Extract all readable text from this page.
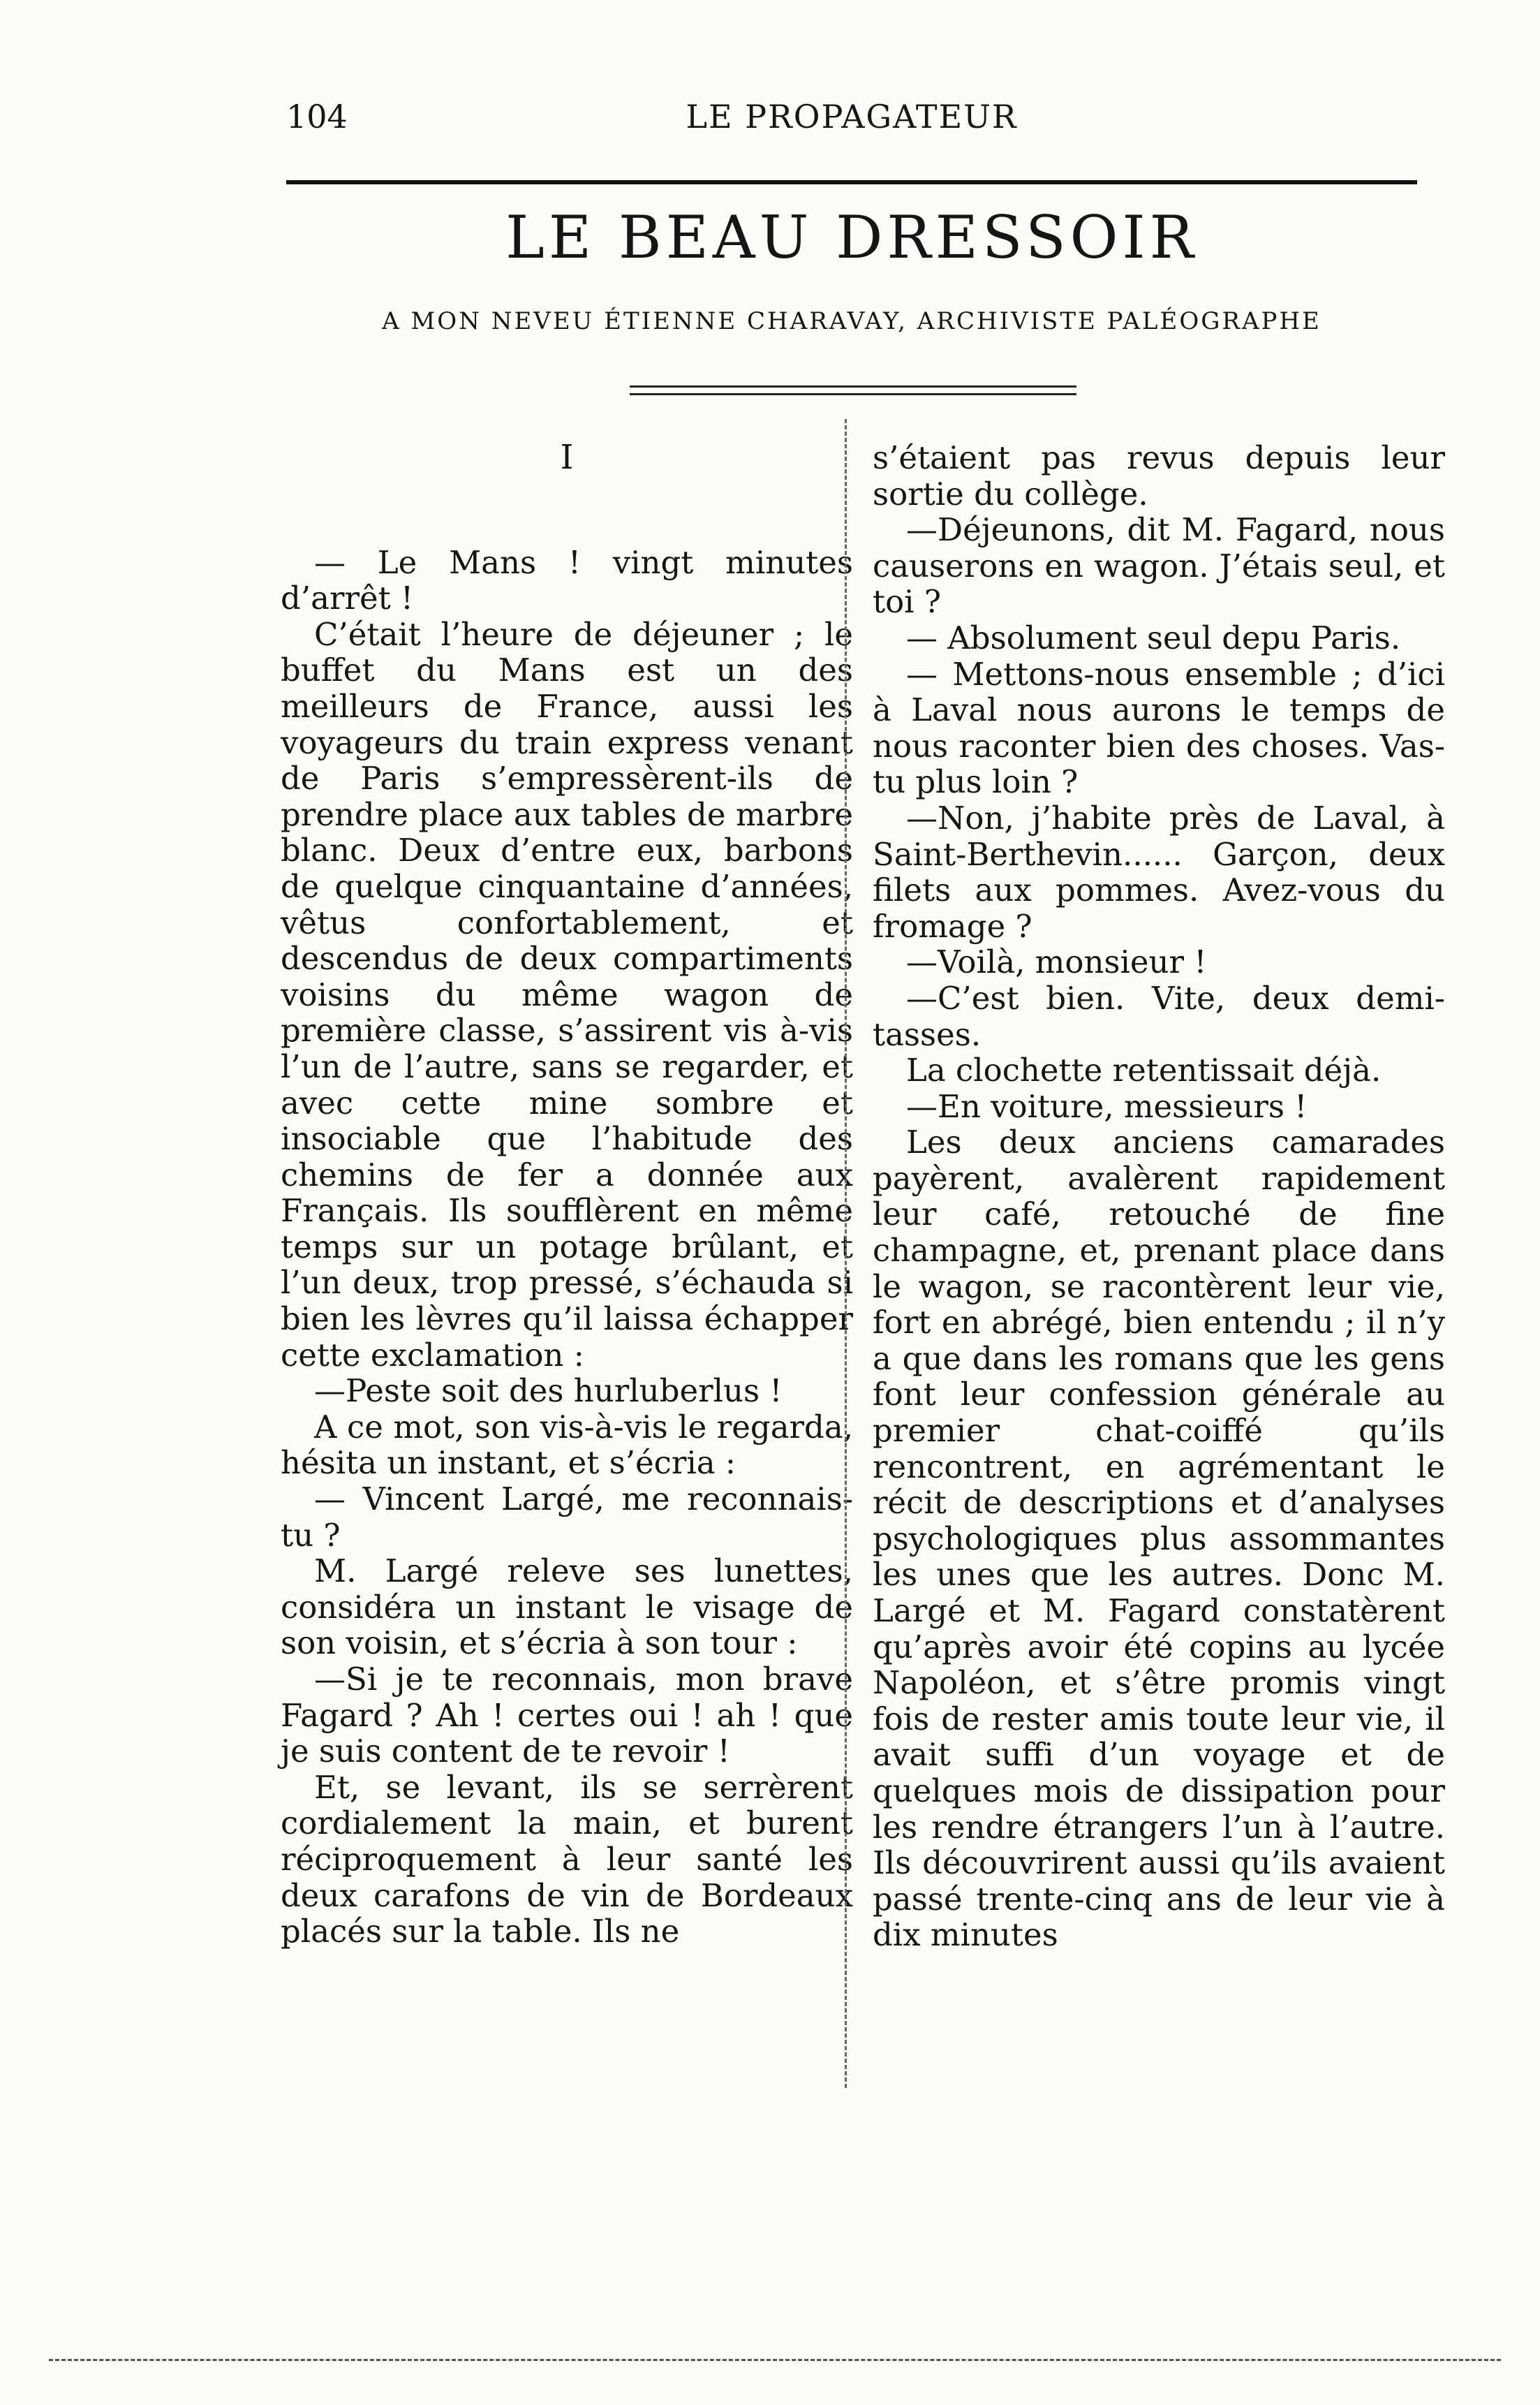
104	LE PROPAGATEUR
LE BEAU DRESSOIR
A MON NEVEU ÉTIENNE CHARAVAY, ARCHIVISTE PALÉOGRAPHE

I

— Le Mans ! vingt minutes d’arrêt !

C’était l’heure de déjeuner ; le buffet du Mans est un des meilleurs de France, aussi les voyageurs du train express venant de Paris s’empressèrent-ils de prendre place aux tables de marbre blanc. Deux d’entre eux, barbons de quelque cinquantaine d’années, vêtus confortablement, et descendus de deux compartiments voisins du même wagon de première classe, s’assirent vis à-vis l’un de l’autre, sans se regarder, et avec cette mine sombre et insociable que l’habitude des chemins de fer a donnée aux Français. Ils soufflèrent en même temps sur un potage brûlant, et l’un deux, trop pressé, s’échauda si bien les lèvres qu’il laissa échapper cette exclamation :

—Peste soit des hurluberlus !

A ce mot, son vis-à-vis le regarda, hésita un instant, et s’écria :

— Vincent Largé, me reconnais-tu ?

M. Largé releve ses lunettes, considéra un instant le visage de son voisin, et s’écria à son tour :

—Si je te reconnais, mon brave Fagard ? Ah ! certes oui ! ah ! que je suis content de te revoir !

Et, se levant, ils se serrèrent cordialement la main, et burent réciproquement à leur santé les deux carafons de vin de Bordeaux placés sur la table. Ils ne

s’étaient pas revus depuis leur sortie du collège.

—Déjeunons, dit M. Fagard, nous causerons en wagon. J’étais seul, et toi ?

— Absolument seul depu Paris.

— Mettons-nous ensemble ; d’ici à Laval nous aurons le temps de nous raconter bien des choses. Vas-tu plus loin ?

—Non, j’habite près de Laval, à Saint-Berthevin...... Garçon, deux filets aux pommes. Avez-vous du fromage ?

—Voilà, monsieur !

—C’est bien. Vite, deux demi-tasses.

La clochette retentissait déjà.

—En voiture, messieurs !

Les deux anciens camarades payèrent, avalèrent rapidement leur café, retouché de fine champagne, et, prenant place dans le wagon, se racontèrent leur vie, fort en abrégé, bien entendu ; il n’y a que dans les romans que les gens font leur confession générale au premier chat-coiffé qu’ils rencontrent, en agrémentant le récit de descriptions et d’analyses psychologiques plus assommantes les unes que les autres. Donc M. Largé et M. Fagard constatèrent qu’après avoir été copins au lycée Napoléon, et s’être promis vingt fois de rester amis toute leur vie, il avait suffi d’un voyage et de quelques mois de dissipation pour les rendre étrangers l’un à l’autre. Ils découvrirent aussi qu’ils avaient passé trente-cinq ans de leur vie à dix minutes
